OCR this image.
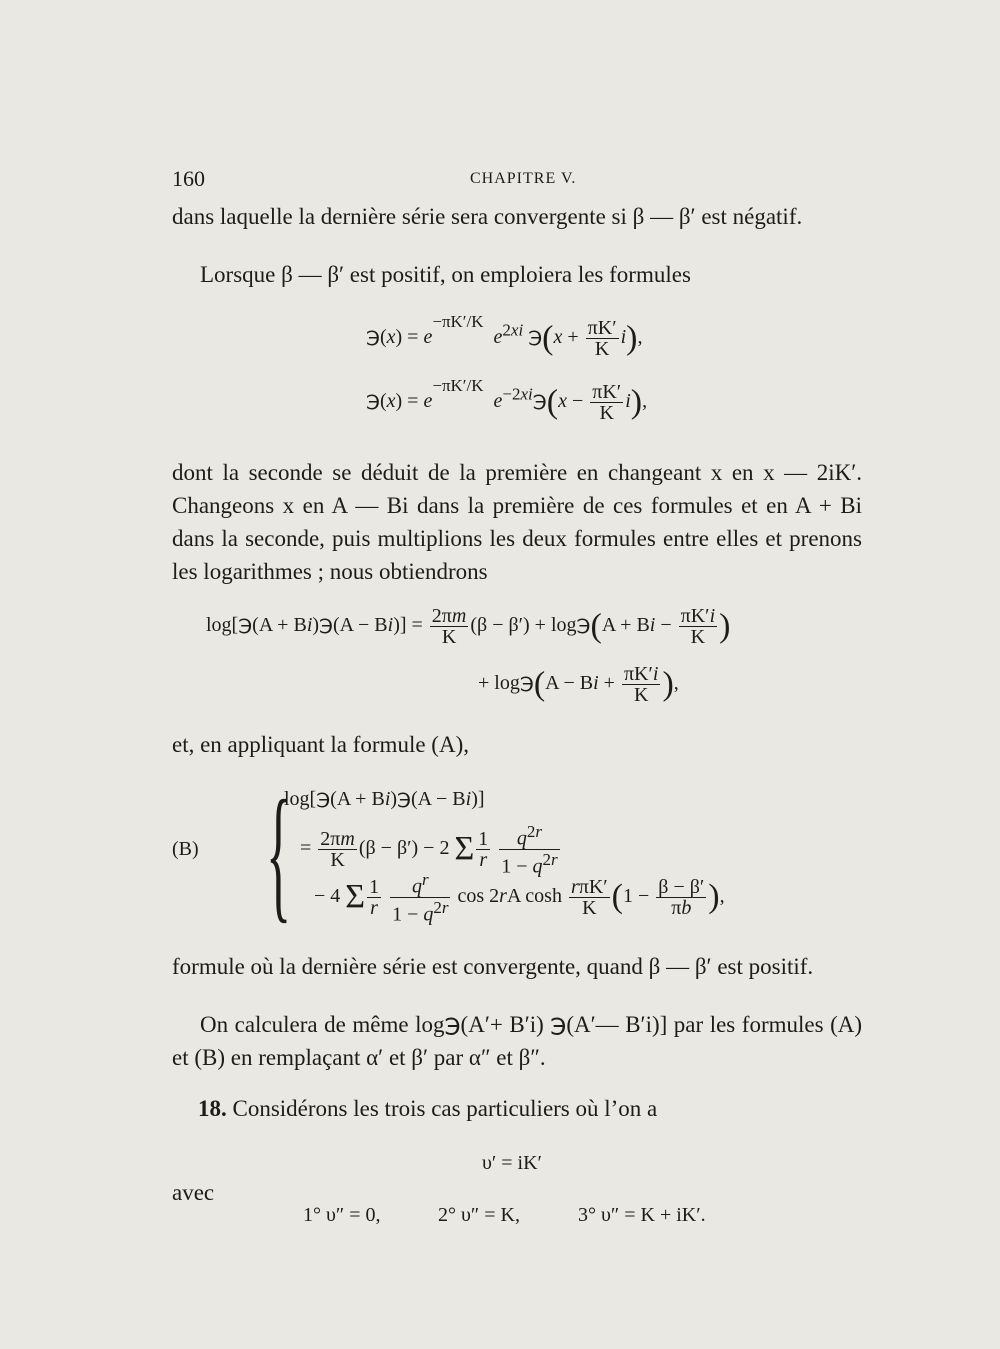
160	CHAPITRE V.
dans laquelle la dernière série sera convergente si β — β′ est négatif.
Lorsque β — β′ est positif, on emploiera les formules
℈(x) = $e^{-\pi K'/K}$  $e^{2xi}$ ℈(x + $\frac{\pi K'}{K} i$),
℈(x) = $e^{-\pi K'/K}$  $e^{-2xi}℈(x - \frac{\pi K'}{K} i)$,
dont la seconde se déduit de la première en changeant x en x — 2iK′. Changeons x en A — Bi dans la première de ces formules et en A + Bi dans la seconde, puis multiplions les deux formules entre elles et prenons les logarithmes ; nous obtiendrons
log[℈(A + Bi)℈(A − $Bi)] = \frac{2\pi m}{K} (\beta - \beta')$ + log℈(A + $Bi - \frac{\pi K'i}{K}$ )
+ log℈(A − $Bi + \frac{\pi K'i}{K}$ ),
et, en appliquant la formule (A),
(B) {
log[℈(A + Bi)℈(A − Bi)]
= $\frac{2\pi m}{K} (\beta - \beta') - 2$ Σ $\frac{1}{r}$
$\frac{q^{2r}}{1 - q^{2r}}$
− 4 Σ $\frac{1}{r}$
$\frac{q^r}{1 - q^{2r}}$ cos 2rA $\cosh \frac{\text{rπK′}}{K} (1 - \frac{\beta - \beta'}{\pi b}$ ),
formule où la dernière série est convergente, quand β — β′ est positif.
On calculera de même log℈(A′+ B′i) ℈(A′— B′i)] par les formules (A) et (B) en remplaçant α′ et β′ par α″ et β″.
18. Considérons les trois cas particuliers où l’on a
υ′ = iK′
avec
1° υ″ = 0,	2° υ″ = K,	3° υ″ = K + iK′.
